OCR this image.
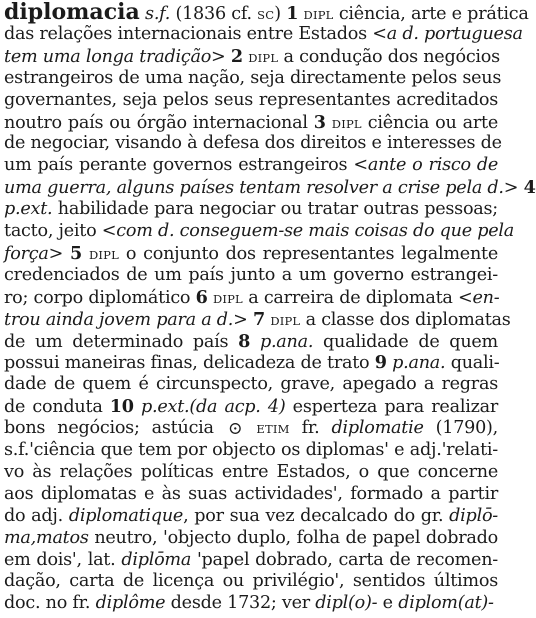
diplomacia s.f. (1836 cf. SC) 1 DIPL ciência, arte e prática
das relações internacionais entre Estados <a d. portuguesa
tem uma longa tradição> 2 DIPL a condução dos negócios
estrangeiros de uma nação, seja directamente pelos seus
governantes, seja pelos seus representantes acreditados
noutro país ou órgão internacional 3 DIPL ciência ou arte
de negociar, visando à defesa dos direitos e interesses de
um país perante governos estrangeiros <ante o risco de
uma guerra, alguns países tentam resolver a crise pela d.> 4
p.ext. habilidade para negociar ou tratar outras pessoas;
tacto, jeito <com d. conseguem-se mais coisas do que pela
força> 5 DIPL o conjunto dos representantes legalmente
credenciados de um país junto a um governo estrangei-
ro; corpo diplomático 6 DIPL a carreira de diplomata <en-
trou ainda jovem para a d.> 7 DIPL a classe dos diplomatas
de um determinado país 8 p.ana. qualidade de quem
possui maneiras finas, delicadeza de trato 9 p.ana. quali-
dade de quem é circunspecto, grave, apegado a regras
de conduta 10 p.ext.(da acp. 4) esperteza para realizar
bons negócios; astúcia ⊙ ETIM fr. diplomatie (1790),
s.f.'ciência que tem por objecto os diplomas' e adj.'relati-
vo às relações políticas entre Estados, o que concerne
aos diplomatas e às suas actividades', formado a partir
do adj. diplomatique, por sua vez decalcado do gr. diplō-
ma,matos neutro, 'objecto duplo, folha de papel dobrado
em dois', lat. diplōma 'papel dobrado, carta de recomen-
dação, carta de licença ou privilégio', sentidos últimos
doc. no fr. diplôme desde 1732; ver dipl(o)- e diplom(at)-
